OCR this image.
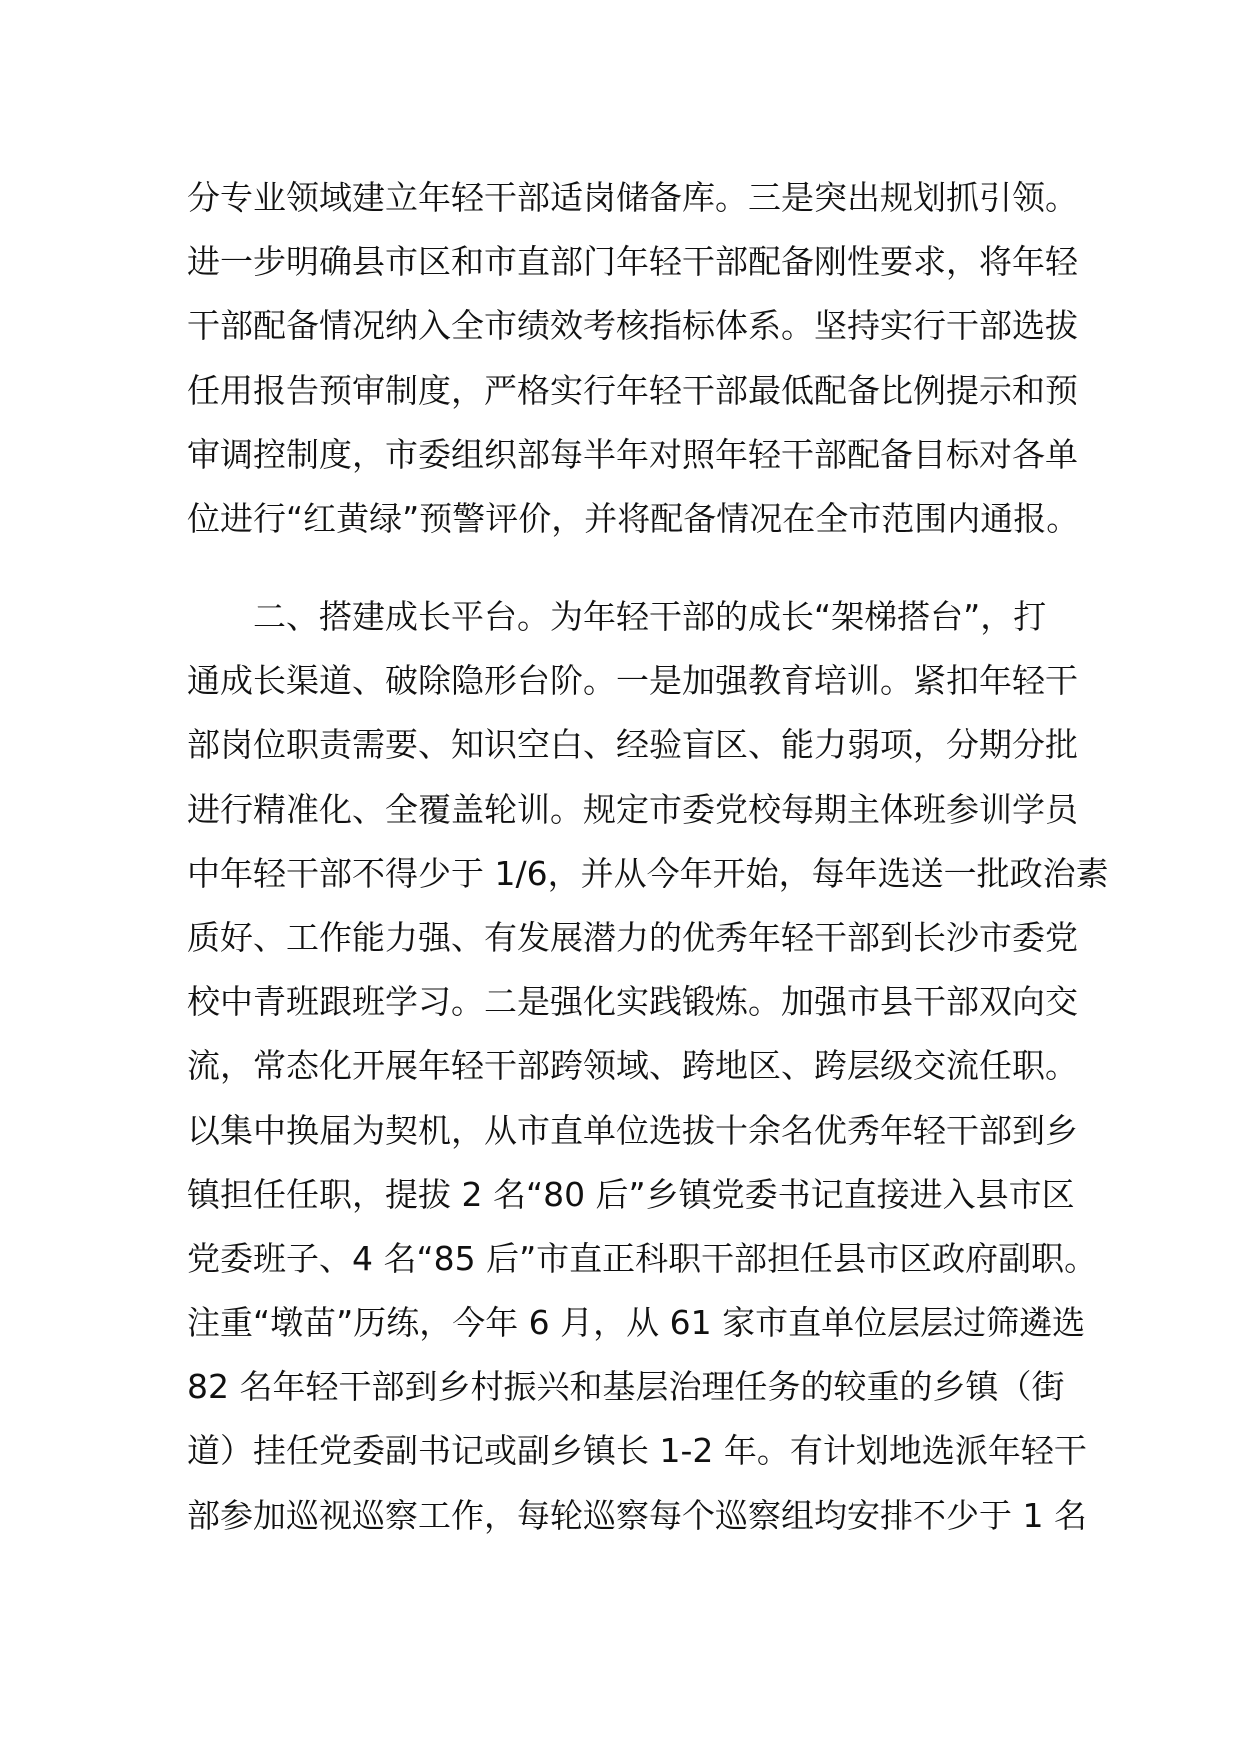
分专业领域建立年轻干部适岗储备库。三是突出规划抓引领。
进一步明确县市区和市直部门年轻干部配备刚性要求，将年轻
干部配备情况纳入全市绩效考核指标体系。坚持实行干部选拔
任用报告预审制度，严格实行年轻干部最低配备比例提示和预
审调控制度，市委组织部每半年对照年轻干部配备目标对各单
位进行“红黄绿”预警评价，并将配备情况在全市范围内通报。
二、搭建成长平台。为年轻干部的成长“架梯搭台”，打
通成长渠道、破除隐形台阶。一是加强教育培训。紧扣年轻干
部岗位职责需要、知识空白、经验盲区、能力弱项，分期分批
进行精准化、全覆盖轮训。规定市委党校每期主体班参训学员
中年轻干部不得少于 1/6，并从今年开始，每年选送一批政治素
质好、工作能力强、有发展潜力的优秀年轻干部到长沙市委党
校中青班跟班学习。二是强化实践锻炼。加强市县干部双向交
流，常态化开展年轻干部跨领域、跨地区、跨层级交流任职。
以集中换届为契机，从市直单位选拔十余名优秀年轻干部到乡
镇担任任职，提拔 2 名“80 后”乡镇党委书记直接进入县市区
党委班子、4 名“85 后”市直正科职干部担任县市区政府副职。
注重“墩苗”历练，今年 6 月，从 61 家市直单位层层过筛遴选
82 名年轻干部到乡村振兴和基层治理任务的较重的乡镇（街
道）挂任党委副书记或副乡镇长 1-2 年。有计划地选派年轻干
部参加巡视巡察工作，每轮巡察每个巡察组均安排不少于 1 名
